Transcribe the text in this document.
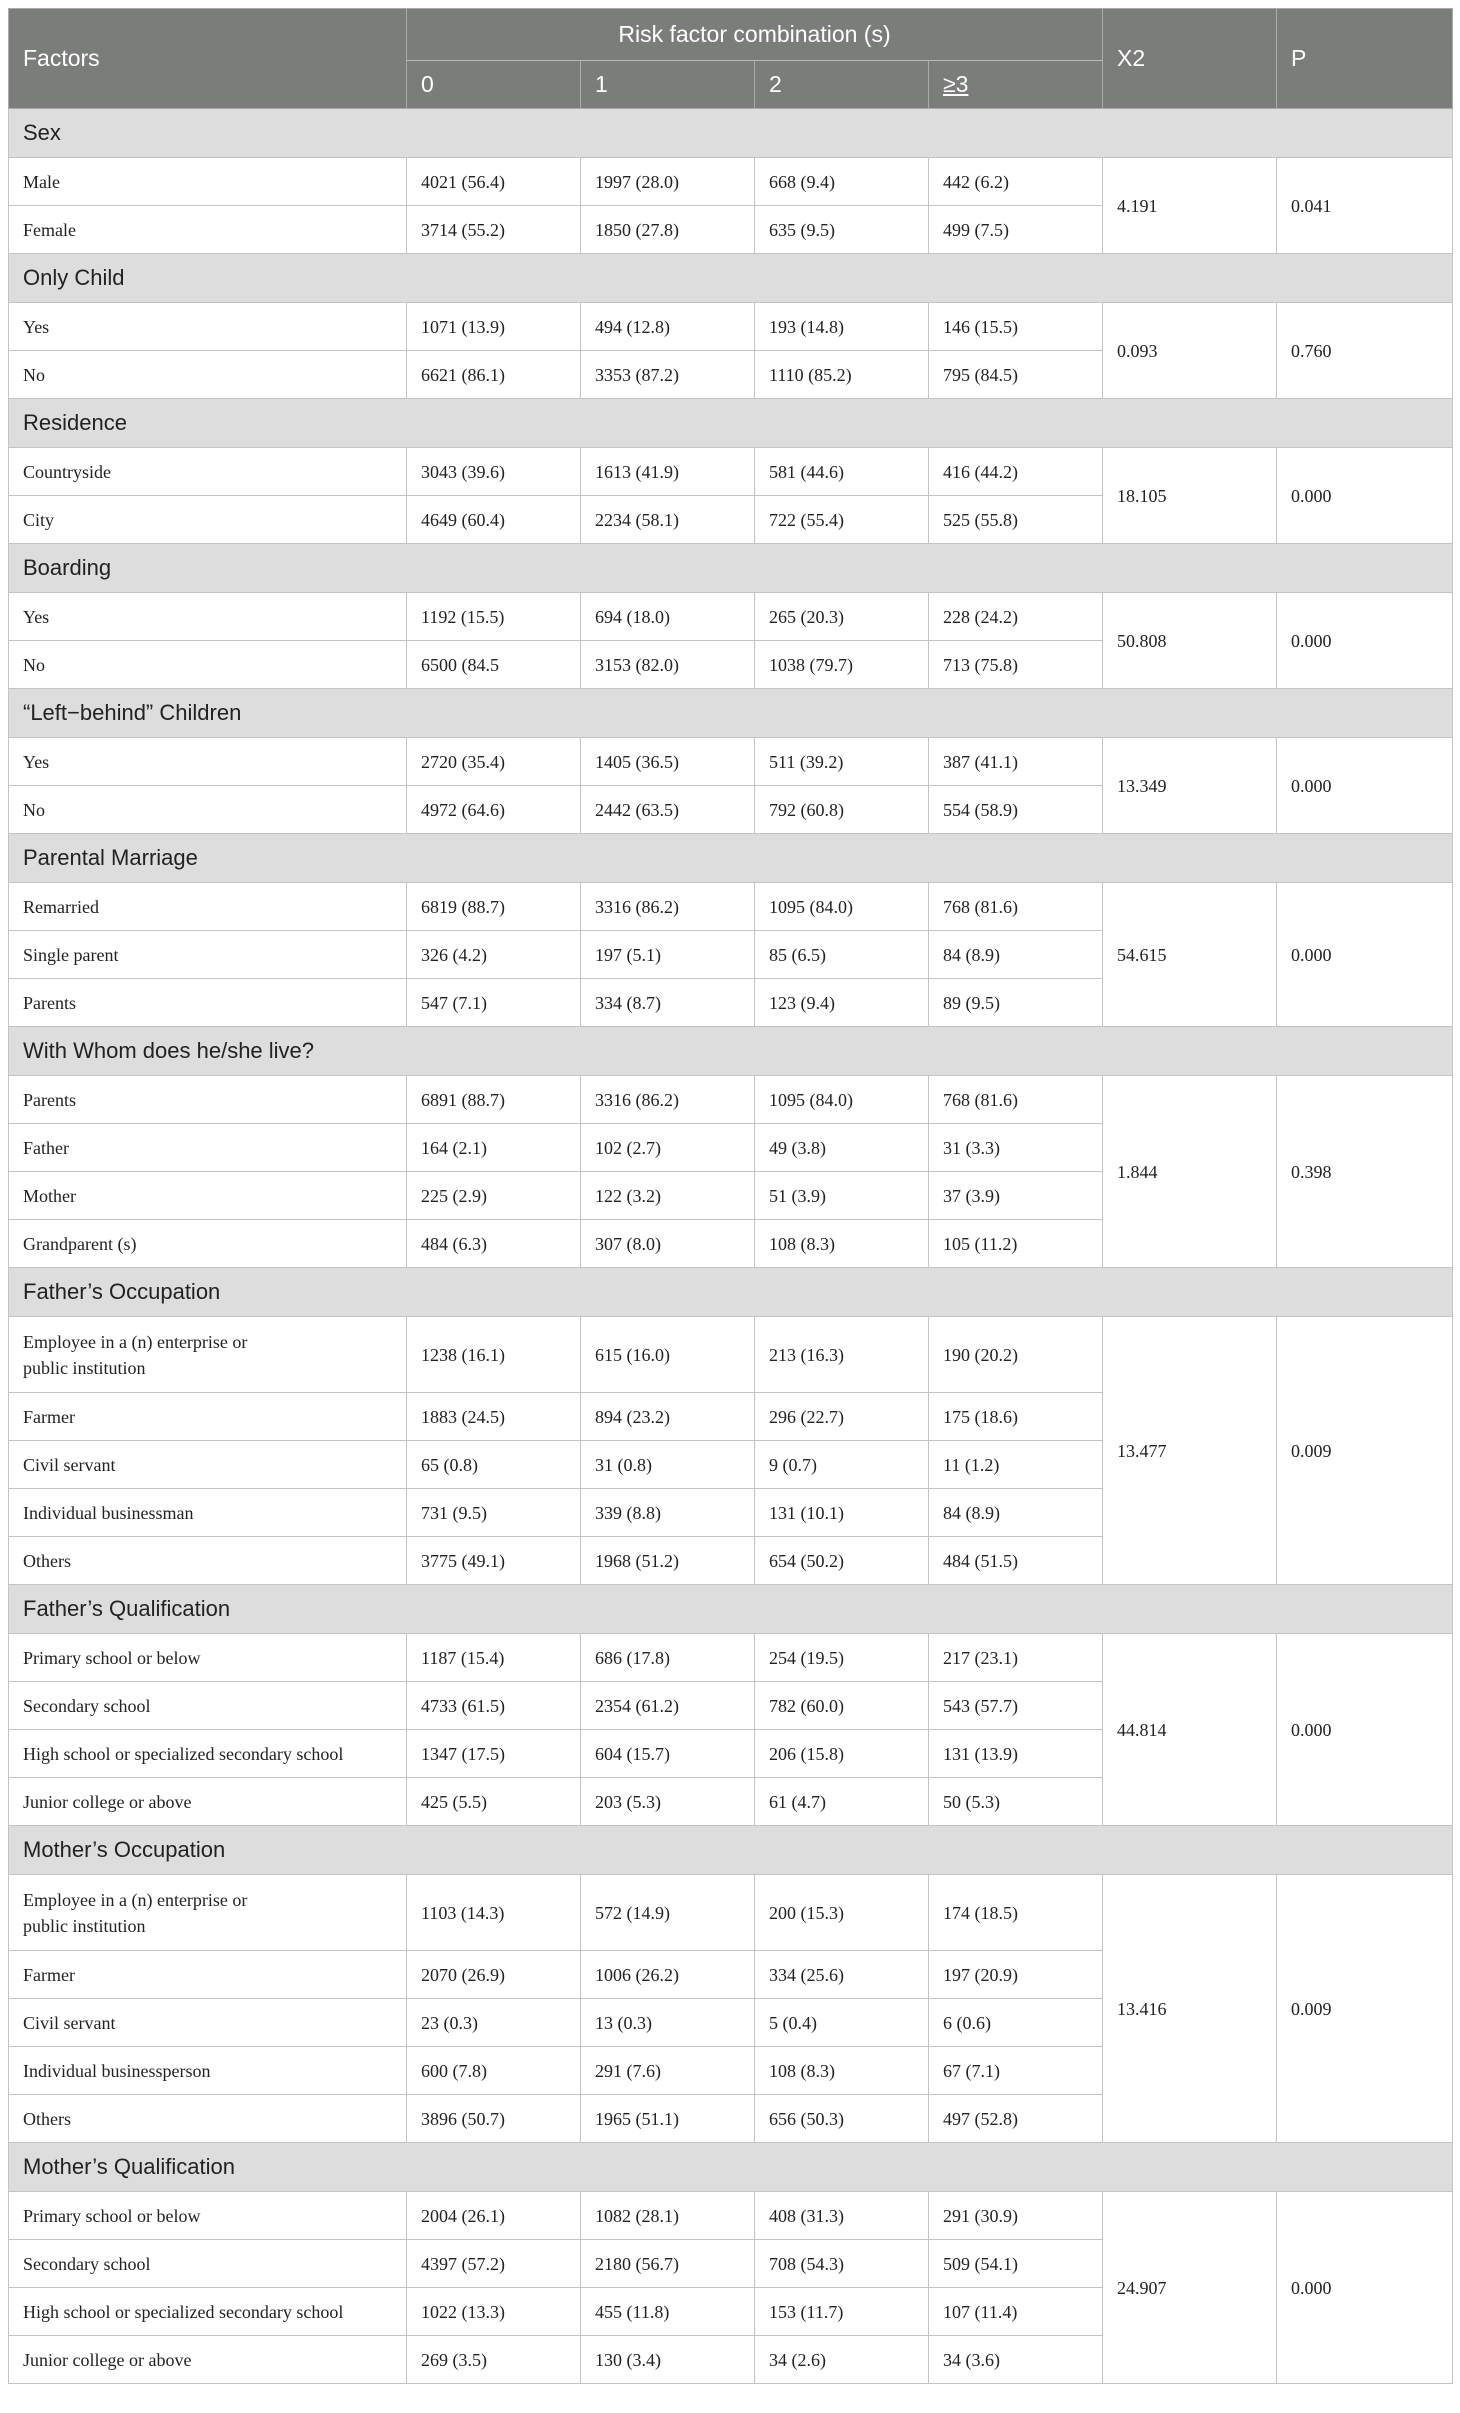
Factors	Risk factor combination (s)				X2	P
	0	1	2	≥3		
Sex						
Male	4021 (56.4)	1997 (28.0)	668 (9.4)	442 (6.2)	4.191	0.041
Female	3714 (55.2)	1850 (27.8)	635 (9.5)	499 (7.5)		
Only Child						
Yes	1071 (13.9)	494 (12.8)	193 (14.8)	146 (15.5)	0.093	0.760
No	6621 (86.1)	3353 (87.2)	1110 (85.2)	795 (84.5)		
Residence						
Countryside	3043 (39.6)	1613 (41.9)	581 (44.6)	416 (44.2)	18.105	0.000
City	4649 (60.4)	2234 (58.1)	722 (55.4)	525 (55.8)		
Boarding						
Yes	1192 (15.5)	694 (18.0)	265 (20.3)	228 (24.2)	50.808	0.000
No	6500 (84.5	3153 (82.0)	1038 (79.7)	713 (75.8)		
“Left−behind” Children						
Yes	2720 (35.4)	1405 (36.5)	511 (39.2)	387 (41.1)	13.349	0.000
No	4972 (64.6)	2442 (63.5)	792 (60.8)	554 (58.9)		
Parental Marriage						
Remarried	6819 (88.7)	3316 (86.2)	1095 (84.0)	768 (81.6)	54.615	0.000
Single parent	326 (4.2)	197 (5.1)	85 (6.5)	84 (8.9)		
Parents	547 (7.1)	334 (8.7)	123 (9.4)	89 (9.5)		
With Whom does he/she live?						
Parents	6891 (88.7)	3316 (86.2)	1095 (84.0)	768 (81.6)	1.844	0.398
Father	164 (2.1)	102 (2.7)	49 (3.8)	31 (3.3)		
Mother	225 (2.9)	122 (3.2)	51 (3.9)	37 (3.9)		
Grandparent (s)	484 (6.3)	307 (8.0)	108 (8.3)	105 (11.2)		
Father’s Occupation						
Employee in a (n) enterprise or
public institution	1238 (16.1)	615 (16.0)	213 (16.3)	190 (20.2)	13.477	0.009
Farmer	1883 (24.5)	894 (23.2)	296 (22.7)	175 (18.6)		
Civil servant	65 (0.8)	31 (0.8)	9 (0.7)	11 (1.2)		
Individual businessman	731 (9.5)	339 (8.8)	131 (10.1)	84 (8.9)		
Others	3775 (49.1)	1968 (51.2)	654 (50.2)	484 (51.5)		
Father’s Qualification						
Primary school or below	1187 (15.4)	686 (17.8)	254 (19.5)	217 (23.1)	44.814	0.000
Secondary school	4733 (61.5)	2354 (61.2)	782 (60.0)	543 (57.7)		
High school or specialized secondary school	1347 (17.5)	604 (15.7)	206 (15.8)	131 (13.9)		
Junior college or above	425 (5.5)	203 (5.3)	61 (4.7)	50 (5.3)		
Mother’s Occupation						
Employee in a (n) enterprise or
public institution	1103 (14.3)	572 (14.9)	200 (15.3)	174 (18.5)	13.416	0.009
Farmer	2070 (26.9)	1006 (26.2)	334 (25.6)	197 (20.9)		
Civil servant	23 (0.3)	13 (0.3)	5 (0.4)	6 (0.6)		
Individual businessperson	600 (7.8)	291 (7.6)	108 (8.3)	67 (7.1)		
Others	3896 (50.7)	1965 (51.1)	656 (50.3)	497 (52.8)		
Mother’s Qualification						
Primary school or below	2004 (26.1)	1082 (28.1)	408 (31.3)	291 (30.9)	24.907	0.000
Secondary school	4397 (57.2)	2180 (56.7)	708 (54.3)	509 (54.1)		
High school or specialized secondary school	1022 (13.3)	455 (11.8)	153 (11.7)	107 (11.4)		
Junior college or above	269 (3.5)	130 (3.4)	34 (2.6)	34 (3.6)		
